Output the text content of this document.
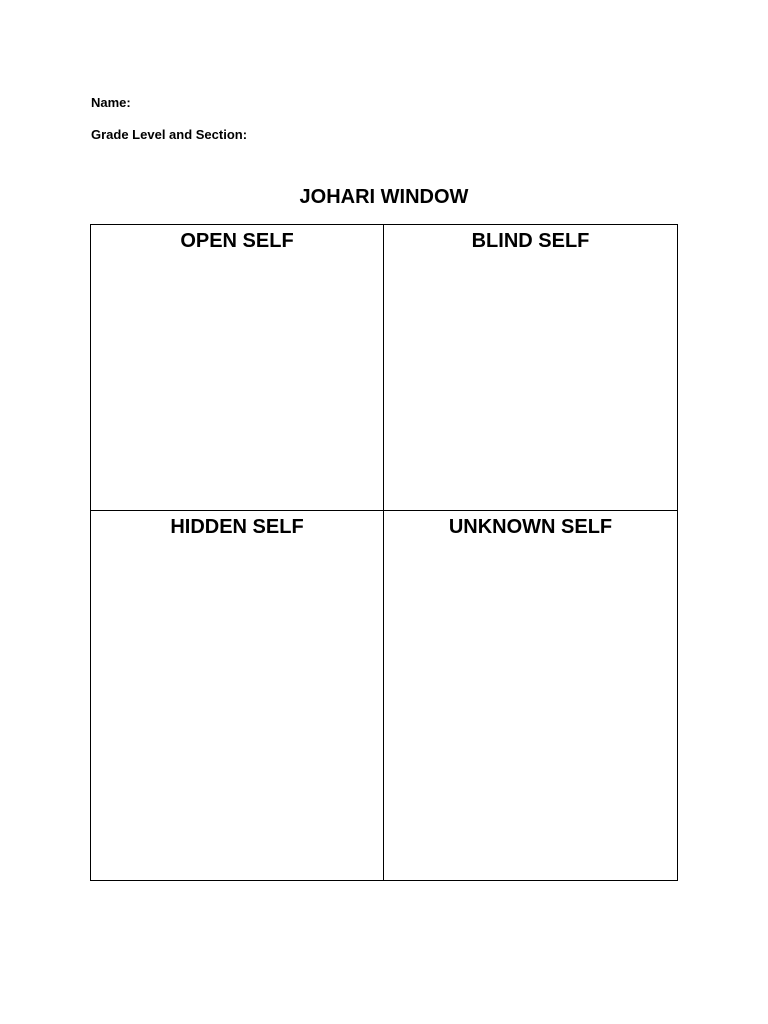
Name:
Grade Level and Section:
JOHARI WINDOW
OPEN SELF	BLIND SELF
HIDDEN SELF	UNKNOWN SELF
